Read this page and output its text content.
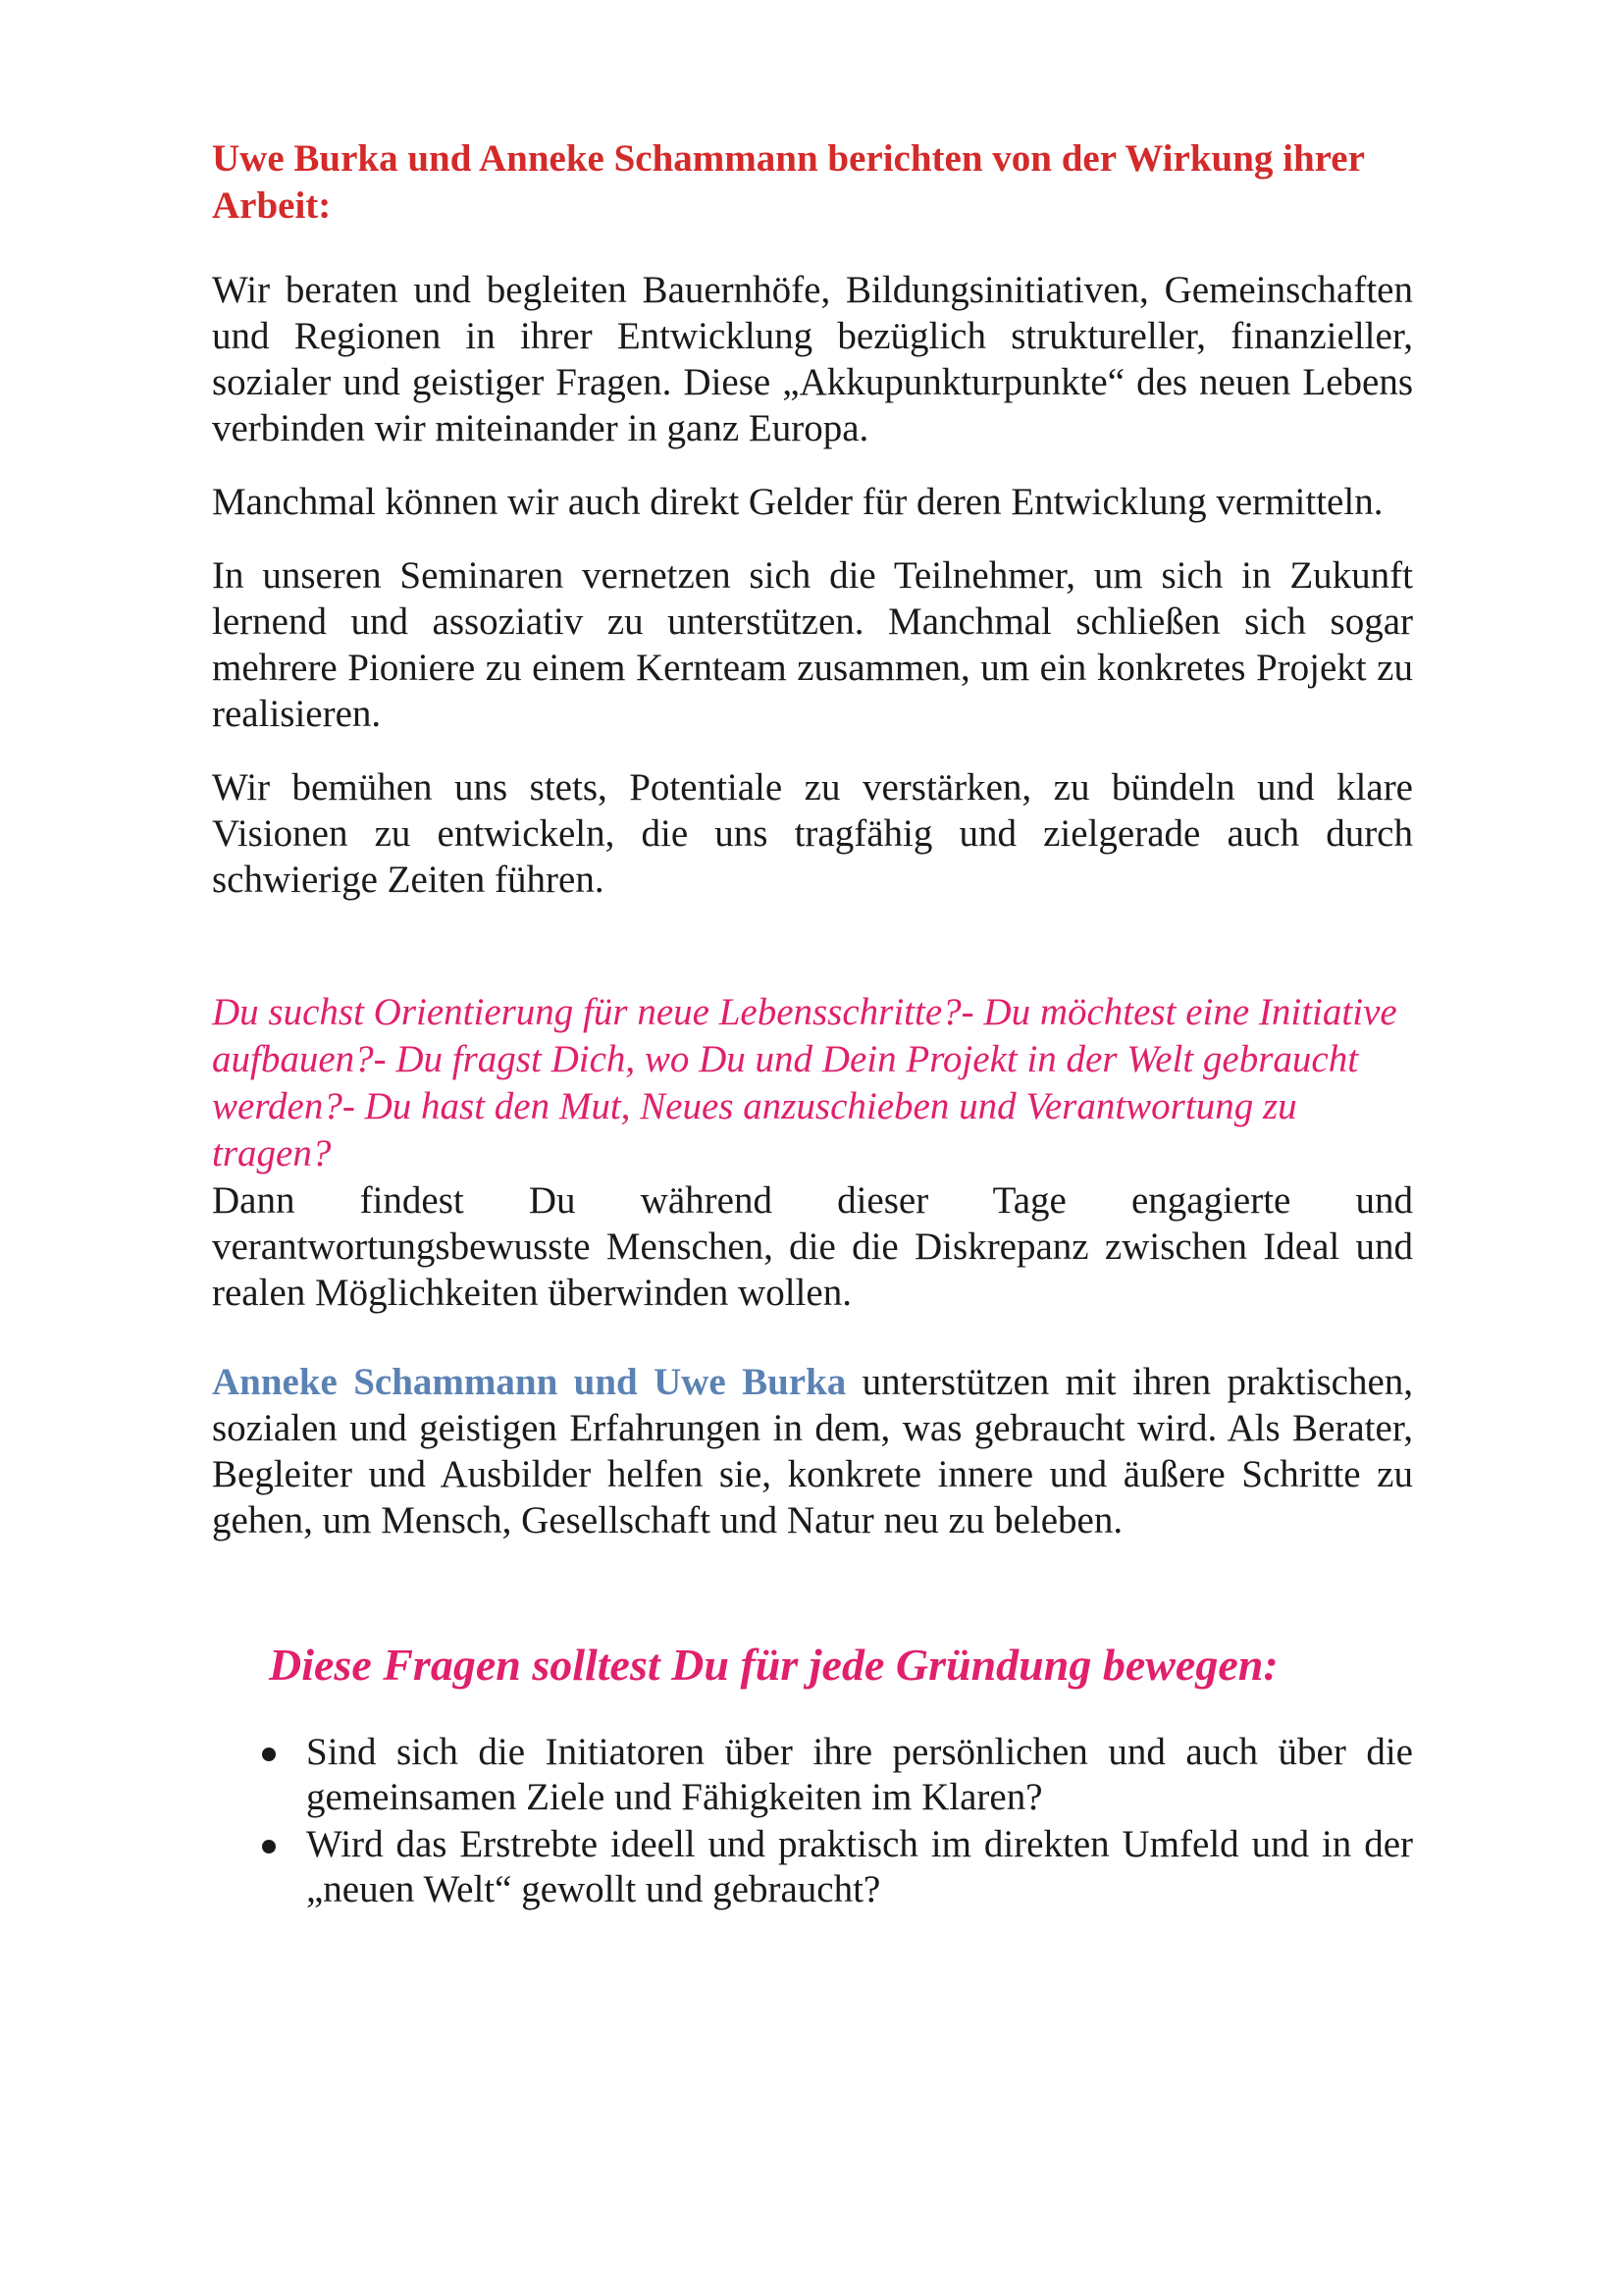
Uwe Burka und Anneke Schammann berichten von der Wirkung ihrer Arbeit:

Wir beraten und begleiten Bauernhöfe, Bildungsinitiativen, Gemeinschaften und Regionen in ihrer Entwicklung bezüglich struktureller, finanzieller, sozialer und geistiger Fragen. Diese „Akkupunkturpunkte“ des neuen Lebens verbinden wir miteinander in ganz Europa.

Manchmal können wir auch direkt Gelder für deren Entwicklung vermitteln.

In unseren Seminaren vernetzen sich die Teilnehmer, um sich in Zukunft lernend und assoziativ zu unterstützen. Manchmal schließen sich sogar mehrere Pioniere zu einem Kernteam zusammen, um ein konkretes Projekt zu realisieren.

Wir bemühen uns stets, Potentiale zu verstärken, zu bündeln und klare Visionen zu entwickeln, die uns tragfähig und zielgerade auch durch schwierige Zeiten führen.

Du suchst Orientierung für neue Lebensschritte?- Du möchtest eine Initiative aufbauen?- Du fragst Dich, wo Du und Dein Projekt in der Welt gebraucht werden?- Du hast den Mut, Neues anzuschieben und Verantwortung zu tragen?

Dann findest Du während dieser Tage engagierte und verantwortungsbewusste Menschen, die die Diskrepanz zwischen Ideal und realen Möglichkeiten überwinden wollen.

Anneke Schammann und Uwe Burka unterstützen mit ihren praktischen, sozialen und geistigen Erfahrungen in dem, was gebraucht wird. Als Berater, Begleiter und Ausbilder helfen sie, konkrete innere und äußere Schritte zu gehen, um Mensch, Gesellschaft und Natur neu zu beleben.

Diese Fragen solltest Du für jede Gründung bewegen:
Sind sich die Initiatoren über ihre persönlichen und auch über die gemeinsamen Ziele und Fähigkeiten im Klaren?
Wird das Erstrebte ideell und praktisch im direkten Umfeld und in der „neuen Welt“ gewollt und gebraucht?
